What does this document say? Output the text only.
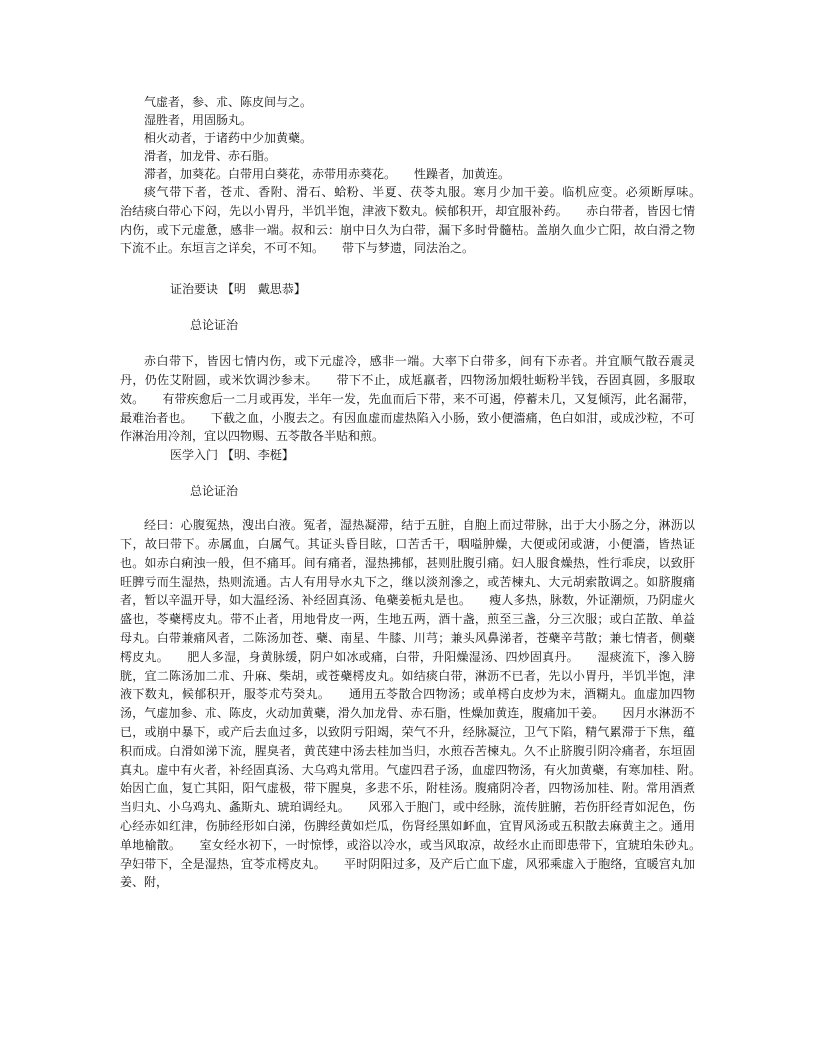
气虚者，参、朮、陈皮间与之。

湿胜者，用固肠丸。

相火动者，于诸药中少加黄蘗。

滑者，加龙骨、赤石脂。

滞者，加葵花。白带用白葵花，赤带用赤葵花。　　性躁者，加黄连。

痰气带下者，苍朮、香附、滑石、蛤粉、半夏、茯苓丸服。寒月少加干姜。临机应变。必须断厚味。　　治结痰白带心下闷，先以小胃丹，半饥半饱，津液下数丸。候郁积开，却宜服补药。　　赤白带者，皆因七情内伤，或下元虚惫，感非一端。叔和云：崩中日久为白带，漏下多时骨髓枯。盖崩久血少亡阳，故白滑之物下流不止。东垣言之详矣，不可不知。　　带下与梦遗，同法治之。

证治要诀 【明　戴思恭】

总论证治

赤白带下，皆因七情内伤，或下元虚冷，感非一端。大率下白带多，间有下赤者。并宜顺气散吞震灵丹，仍佐艾附圆，或米饮调沙参末。　　带下不止，成尪羸者，四物汤加煅牡蛎粉半钱，吞固真圆，多服取效。　　有带疾愈后一二月或再发，半年一发，先血而后下带，来不可遏，停蓄未几，又复倾泻，此名漏带，最难治者也。　　下截之血，小腹去之。有因血虚而虚热陷入小肠，致小便濇痛，色白如泔，或成沙粒，不可作淋治用冷剂，宜以四物赐、五苓散各半贴和煎。

医学入门 【明、李梃】

总论证治

经曰：心腹冤热，溲出白液。冤者，湿热凝滞，结于五脏，自胞上而过带脉，出于大小肠之分，淋沥以下，故曰带下。赤属血，白属气。其证头昏目眩，口苦舌干，咽嗌肿燥，大便或闭或溏，小便濇，皆热证也。如赤白痢浊一般，但不痛耳。间有痛者，湿热拂郁，甚则肚腹引痛。妇人服食燥热，性行乖戾，以致肝旺脾亏而生湿热，热则流通。古人有用导水丸下之，继以淡剂滲之，或苦楝丸、大元胡索散调之。如脐腹痛者，暂以辛温开导，如大温经汤、补经固真汤、龟蘗姜栀丸是也。　　瘦人多热，脉数，外证潮烦，乃阴虚火盛也，苓蘗樗皮丸。带不止者，用地骨皮一两，生地五两，酒十盏，煎至三盏，分三次服；或白芷散、单益母丸。白带兼痛风者，二陈汤加苍、蘗、南星、牛膝、川芎；兼头风鼻涕者，苍蘗辛芎散；兼七情者，侧蘗樗皮丸。　　肥人多湿，身黄脉缓，阴户如冰或痛，白带，升阳燥湿汤、四炒固真丹。　　湿痰流下，滲入膀胱，宜二陈汤加二朮、升麻、柴胡，或苍蘗樗皮丸。如结痰白带，淋沥不已者，先以小胃丹，半饥半饱，津液下数丸，候郁积开，服苓朮芍癸丸。　　通用五苓散合四物汤；或单樗白皮炒为末，酒糊丸。血虚加四物汤，气虚加参、朮、陈皮，火动加黄蘗，滑久加龙骨、赤石脂，性燥加黄连，腹痛加干姜。　　因月水淋沥不已，或崩中暴下，或产后去血过多，以致阴亏阳竭，荣气不升，经脉凝泣，卫气下陷，精气累滞于下焦，蕴积而成。白滑如涕下流，腥臭者，黄芪建中汤去桂加当归，水煎吞苦楝丸。久不止脐腹引阴冷痛者，东垣固真丸。虚中有火者，补经固真汤、大乌鸡丸常用。气虚四君子汤，血虚四物汤，有火加黄蘗，有寒加桂、附。　　始因亡血，复亡其阳，阳气虚极，带下腥臭，多悲不乐，附桂汤。腹痛阴冷者，四物汤加桂、附。常用酒煮当归丸、小乌鸡丸、螽斯丸、琥珀调经丸。　　风邪入于胞门，或中经脉，流传脏腑，若伤肝经青如泥色，伤心经赤如红津，伤肺经形如白涕，伤脾经黄如烂瓜，伤肾经黑如衃血，宜胃风汤或五积散去麻黄主之。通用单地榆散。　　室女经水初下，一时惊悸，或浴以冷水，或当风取凉，故经水止而即患带下，宜琥珀朱砂丸。　　孕妇带下，全是湿热，宜苓朮樗皮丸。　　平时阴阳过多，及产后亡血下虚，风邪乘虚入于胞络，宜暖宫丸加姜、附，
